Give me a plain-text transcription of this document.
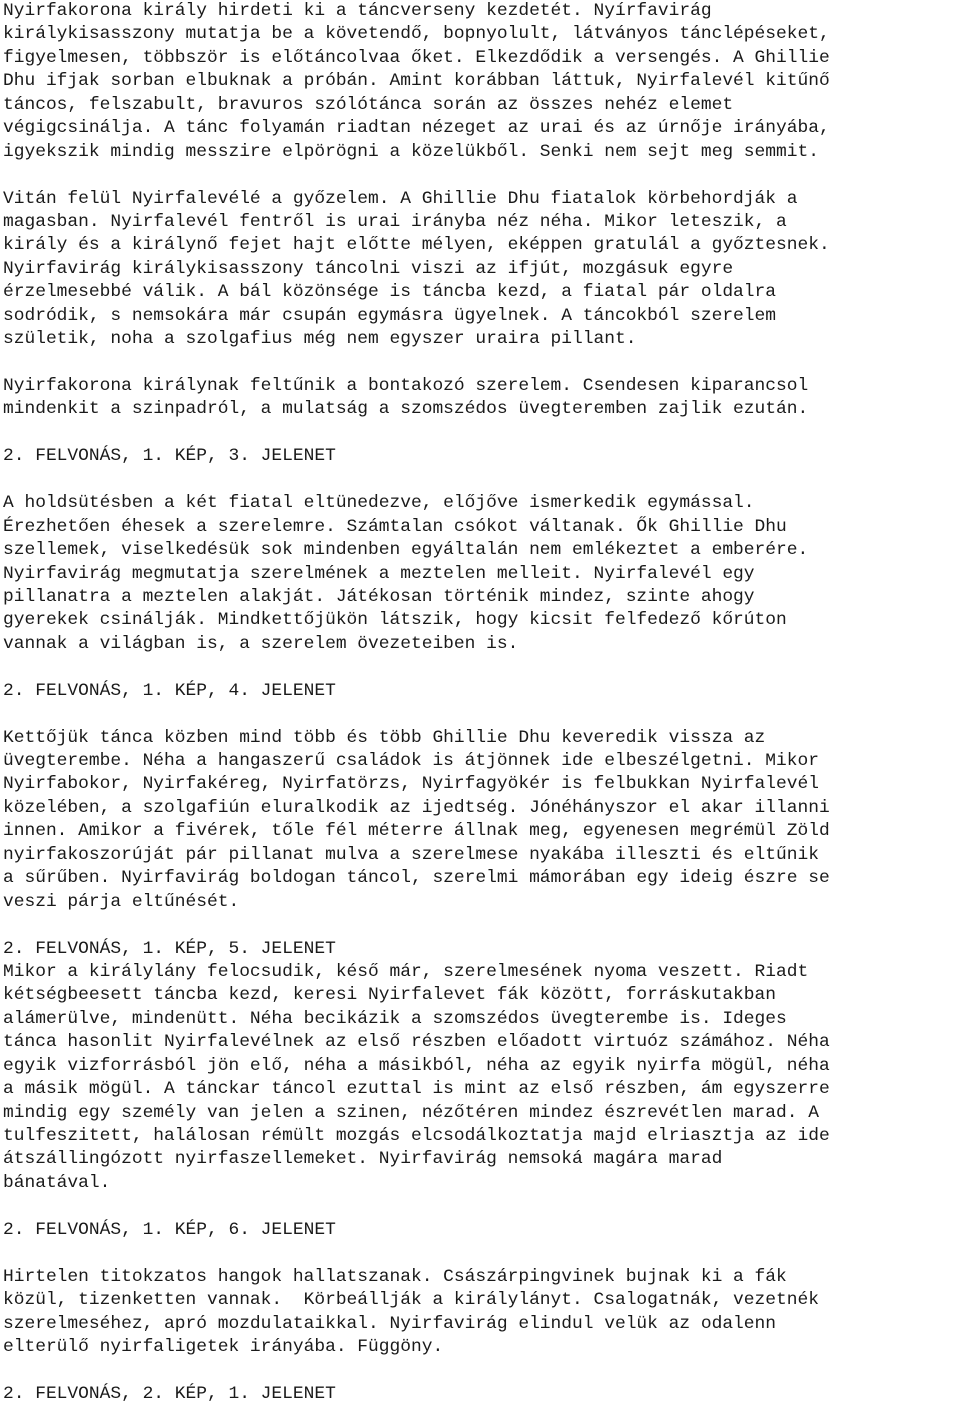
Nyirfakorona király hirdeti ki a táncverseny kezdetét. Nyírfavirág
királykisasszony mutatja be a követendő, bopnyolult, látványos tánclépéseket,
figyelmesen, többször is előtáncolvaa őket. Elkezdődik a versengés. A Ghillie
Dhu ifjak sorban elbuknak a próbán. Amint korábban láttuk, Nyirfalevél kitűnő
táncos, felszabult, bravuros szólótánca során az összes nehéz elemet
végigcsinálja. A tánc folyamán riadtan nézeget az urai és az úrnője irányába,
igyekszik mindig messzire elpörögni a közelükből. Senki nem sejt meg semmit.
Vitán felül Nyirfalevélé a győzelem. A Ghillie Dhu fiatalok körbehordják a
magasban. Nyirfalevél fentről is urai irányba néz néha. Mikor leteszik, a
király és a királynő fejet hajt előtte mélyen, eképpen gratulál a győztesnek.
Nyirfavirág királykisasszony táncolni viszi az ifjút, mozgásuk egyre
érzelmesebbé válik. A bál közönsége is táncba kezd, a fiatal pár oldalra
sodródik, s nemsokára már csupán egymásra ügyelnek. A táncokból szerelem
születik, noha a szolgafius még nem egyszer uraira pillant.
Nyirfakorona királynak feltűnik a bontakozó szerelem. Csendesen kiparancsol
mindenkit a szinpadról, a mulatság a szomszédos üvegteremben zajlik ezután.
2. FELVONÁS, 1. KÉP, 3. JELENET
A holdsütésben a két fiatal eltünedezve, előjőve ismerkedik egymással.
Érezhetően éhesek a szerelemre. Számtalan csókot váltanak. Ők Ghillie Dhu
szellemek, viselkedésük sok mindenben egyáltalán nem emlékeztet a emberére.
Nyirfavirág megmutatja szerelmének a meztelen melleit. Nyirfalevél egy
pillanatra a meztelen alakját. Játékosan történik mindez, szinte ahogy
gyerekek csinálják. Mindkettőjükön látszik, hogy kicsit felfedező kőrúton
vannak a világban is, a szerelem övezeteiben is.
2. FELVONÁS, 1. KÉP, 4. JELENET
Kettőjük tánca közben mind több és több Ghillie Dhu keveredik vissza az
üvegterembe. Néha a hangaszerű családok is átjönnek ide elbeszélgetni. Mikor
Nyirfabokor, Nyirfakéreg, Nyirfatörzs, Nyirfagyökér is felbukkan Nyirfalevél
közelében, a szolgafiún eluralkodik az ijedtség. Jónéhányszor el akar illanni
innen. Amikor a fivérek, tőle fél méterre állnak meg, egyenesen megrémül Zöld
nyirfakoszorúját pár pillanat mulva a szerelmese nyakába illeszti és eltűnik
a sűrűben. Nyirfavirág boldogan táncol, szerelmi mámorában egy ideig észre se
veszi párja eltűnését.
2. FELVONÁS, 1. KÉP, 5. JELENET
Mikor a királylány felocsudik, késő már, szerelmesének nyoma veszett. Riadt
kétségbeesett táncba kezd, keresi Nyirfalevet fák között, forráskutakban
alámerülve, mindenütt. Néha becikázik a szomszédos üvegterembe is. Ideges
tánca hasonlit Nyirfalevélnek az első részben előadott virtuóz számához. Néha
egyik vizforrásból jön elő, néha a másikból, néha az egyik nyirfa mögül, néha
a másik mögül. A tánckar táncol ezuttal is mint az első részben, ám egyszerre
mindig egy személy van jelen a szinen, nézőtéren mindez észrevétlen marad. A
tulfeszitett, halálosan rémült mozgás elcsodálkoztatja majd elriasztja az ide
átszállingózott nyirfaszellemeket. Nyirfavirág nemsoká magára marad
bánatával.
2. FELVONÁS, 1. KÉP, 6. JELENET
Hirtelen titokzatos hangok hallatszanak. Császárpingvinek bujnak ki a fák
közül, tizenketten vannak.  Körbeállják a királylányt. Csalogatnák, vezetnék
szerelmeséhez, apró mozdulataikkal. Nyirfavirág elindul velük az odalenn
elterülő nyirfaligetek irányába. Függöny.
2. FELVONÁS, 2. KÉP, 1. JELENET
